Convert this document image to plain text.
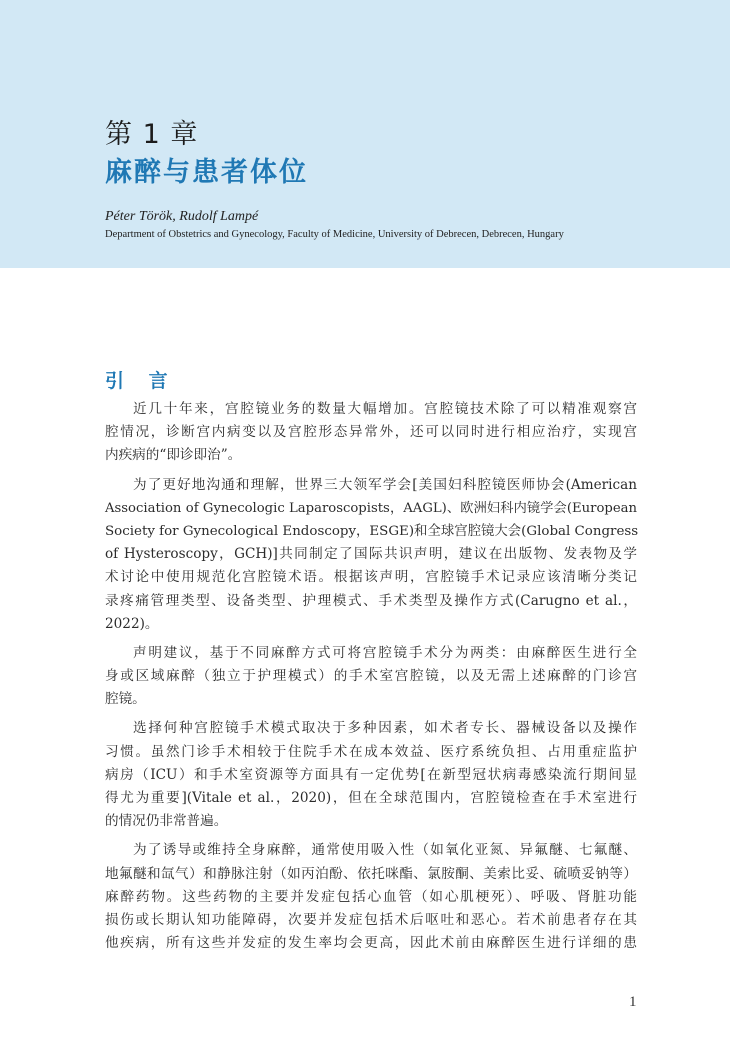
第 1 章
麻醉与患者体位
Péter Török, Rudolf Lampé
Department of Obstetrics and Gynecology, Faculty of Medicine, University of Debrecen, Debrecen, Hungary
引 言
近几十年来，宫腔镜业务的数量大幅增加。宫腔镜技术除了可以精准观察宫
腔情况，诊断宫内病变以及宫腔形态异常外，还可以同时进行相应治疗，实现宫
内疾病的“即诊即治”。
为了更好地沟通和理解，世界三大领军学会[美国妇科腔镜医师协会(American
Association of Gynecologic Laparoscopists，AAGL)、欧洲妇科内镜学会(European
Society for Gynecological Endoscopy，ESGE)和全球宫腔镜大会(Global Congress
of Hysteroscopy，GCH)]共同制定了国际共识声明，建议在出版物、发表物及学
术讨论中使用规范化宫腔镜术语。根据该声明，宫腔镜手术记录应该清晰分类记
录疼痛管理类型、设备类型、护理模式、手术类型及操作方式(Carugno et al.，
2022)。
声明建议，基于不同麻醉方式可将宫腔镜手术分为两类：由麻醉医生进行全
身或区域麻醉（独立于护理模式）的手术室宫腔镜，以及无需上述麻醉的门诊宫
腔镜。
选择何种宫腔镜手术模式取决于多种因素，如术者专长、器械设备以及操作
习惯。虽然门诊手术相较于住院手术在成本效益、医疗系统负担、占用重症监护
病房（ICU）和手术室资源等方面具有一定优势[在新型冠状病毒感染流行期间显
得尤为重要](Vitale et al.，2020)，但在全球范围内，宫腔镜检查在手术室进行
的情况仍非常普遍。
为了诱导或维持全身麻醉，通常使用吸入性（如氧化亚氮、异氟醚、七氟醚、
地氟醚和氙气）和静脉注射（如丙泊酚、依托咪酯、氯胺酮、美索比妥、硫喷妥钠等）
麻醉药物。这些药物的主要并发症包括心血管（如心肌梗死）、呼吸、肾脏功能
损伤或长期认知功能障碍，次要并发症包括术后呕吐和恶心。若术前患者存在其
他疾病，所有这些并发症的发生率均会更高，因此术前由麻醉医生进行详细的患
1
